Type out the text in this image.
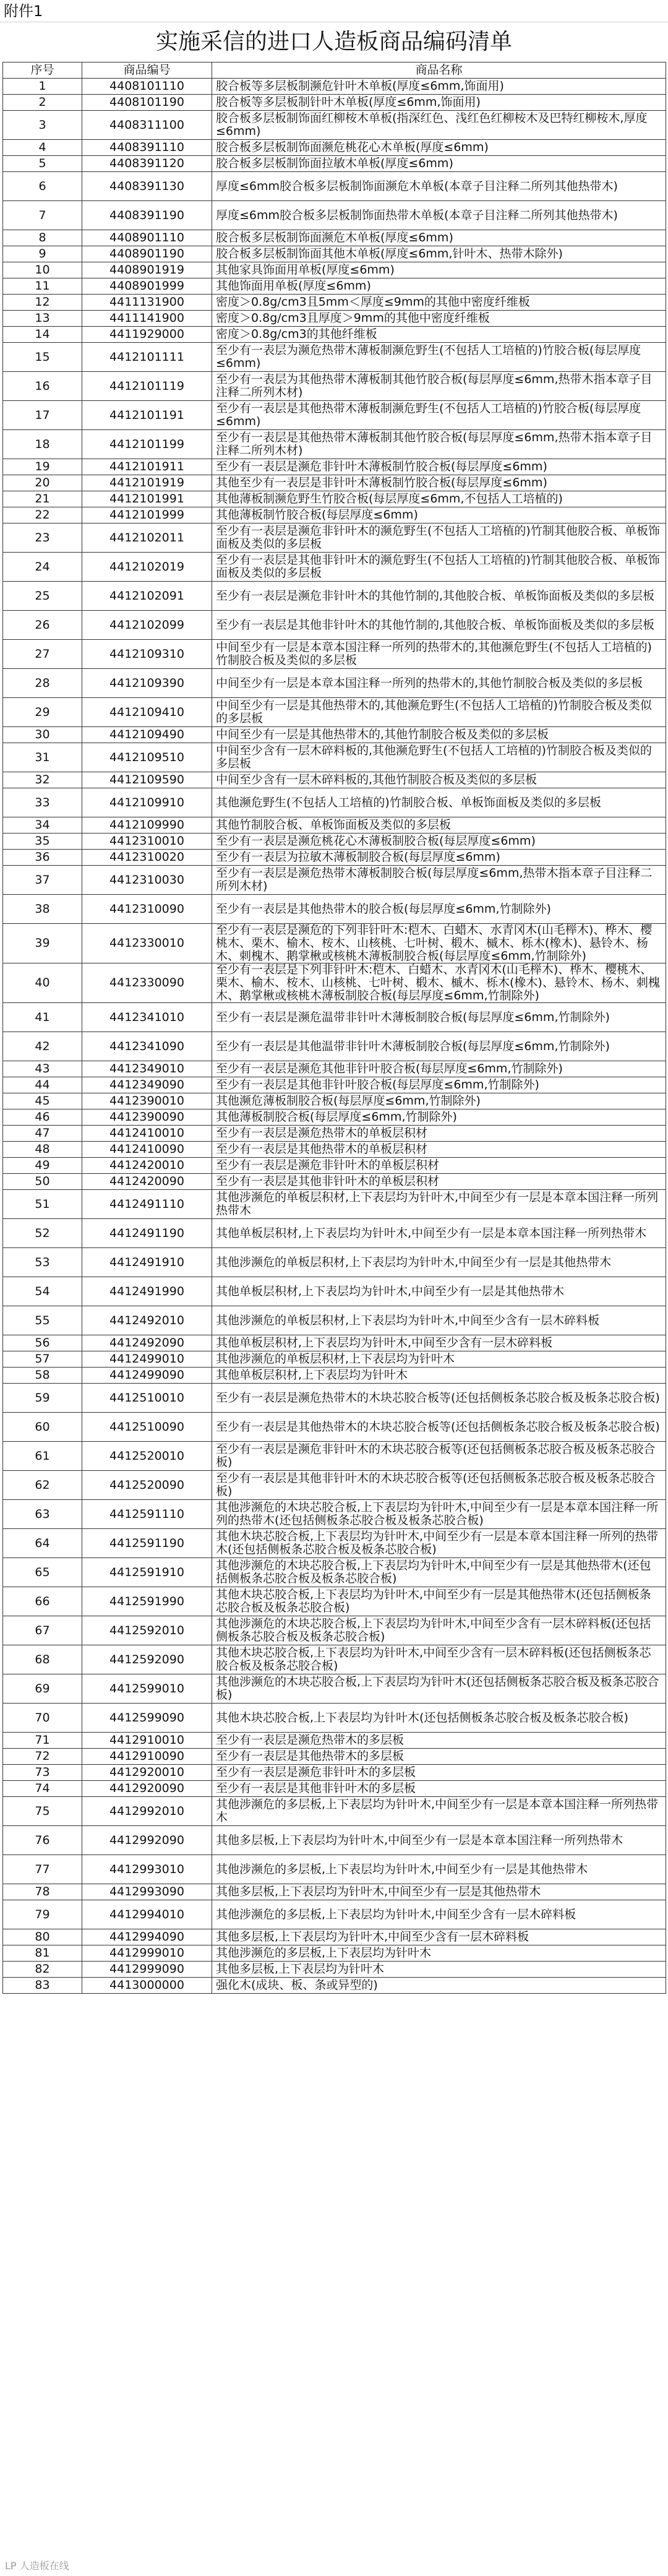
附件1
实施采信的进口人造板商品编码清单
序号	商品编号	商品名称
1	4408101110	胶合板等多层板制濒危针叶木单板(厚度≤6mm,饰面用)
2	4408101190	胶合板等多层板制针叶木单板(厚度≤6mm,饰面用)
3	4408311100	胶合板多层板制饰面红柳桉木单板(指深红色、浅红色红柳桉木及巴特红柳桉木,厚度≤6mm)
4	4408391110	胶合板多层板制饰面濒危桃花心木单板(厚度≤6mm)
5	4408391120	胶合板多层板制饰面拉敏木单板(厚度≤6mm)
6	4408391130	厚度≤6mm胶合板多层板制饰面濒危木单板(本章子目注释二所列其他热带木)
7	4408391190	厚度≤6mm胶合板多层板制饰面热带木单板(本章子目注释二所列其他热带木)
8	4408901110	胶合板多层板制饰面濒危木单板(厚度≤6mm)
9	4408901190	胶合板多层板制饰面其他木单板(厚度≤6mm,针叶木、热带木除外)
10	4408901919	其他家具饰面用单板(厚度≤6mm)
11	4408901999	其他饰面用单板(厚度≤6mm)
12	4411131900	密度＞0.8g/cm3且5mm＜厚度≤9mm的其他中密度纤维板
13	4411141900	密度＞0.8g/cm3且厚度＞9mm的其他中密度纤维板
14	4411929000	密度＞0.8g/cm3的其他纤维板
15	4412101111	至少有一表层为濒危热带木薄板制濒危野生(不包括人工培植的)竹胶合板(每层厚度≤6mm)
16	4412101119	至少有一表层为其他热带木薄板制其他竹胶合板(每层厚度≤6mm,热带木指本章子目注释二所列木材)
17	4412101191	至少有一表层是其他热带木薄板制濒危野生(不包括人工培植的)竹胶合板(每层厚度≤6mm)
18	4412101199	至少有一表层是其他热带木薄板制其他竹胶合板(每层厚度≤6mm,热带木指本章子目注释二所列木材)
19	4412101911	至少有一表层是濒危非针叶木薄板制竹胶合板(每层厚度≤6mm)
20	4412101919	其他至少有一表层是非针叶木薄板制竹胶合板(每层厚度≤6mm)
21	4412101991	其他薄板制濒危野生竹胶合板(每层厚度≤6mm,不包括人工培植的)
22	4412101999	其他薄板制竹胶合板(每层厚度≤6mm)
23	4412102011	至少有一表层是濒危非针叶木的濒危野生(不包括人工培植的)竹制其他胶合板、单板饰面板及类似的多层板
24	4412102019	至少有一表层是其他非针叶木的濒危野生(不包括人工培植的)竹制其他胶合板、单板饰面板及类似的多层板
25	4412102091	至少有一表层是濒危非针叶木的其他竹制的,其他胶合板、单板饰面板及类似的多层板
26	4412102099	至少有一表层是其他非针叶木的其他竹制的,其他胶合板、单板饰面板及类似的多层板
27	4412109310	中间至少有一层是本章本国注释一所列的热带木的,其他濒危野生(不包括人工培植的)竹制胶合板及类似的多层板
28	4412109390	中间至少有一层是本章本国注释一所列的热带木的,其他竹制胶合板及类似的多层板
29	4412109410	中间至少有一层是其他热带木的,其他濒危野生(不包括人工培植的)竹制胶合板及类似的多层板
30	4412109490	中间至少有一层是其他热带木的,其他竹制胶合板及类似的多层板
31	4412109510	中间至少含有一层木碎料板的,其他濒危野生(不包括人工培植的)竹制胶合板及类似的多层板
32	4412109590	中间至少含有一层木碎料板的,其他竹制胶合板及类似的多层板
33	4412109910	其他濒危野生(不包括人工培植的)竹制胶合板、单板饰面板及类似的多层板
34	4412109990	其他竹制胶合板、单板饰面板及类似的多层板
35	4412310010	至少有一表层是濒危桃花心木薄板制胶合板(每层厚度≤6mm)
36	4412310020	至少有一表层为拉敏木薄板制胶合板(每层厚度≤6mm)
37	4412310030	至少有一表层是濒危热带木薄板制胶合板(每层厚度≤6mm,热带木指本章子目注释二所列木材)
38	4412310090	至少有一表层是其他热带木的胶合板(每层厚度≤6mm,竹制除外)
39	4412330010	至少有一表层是濒危的下列非针叶木:桤木、白蜡木、水青冈木(山毛榉木)、桦木、樱桃木、栗木、榆木、桉木、山核桃、七叶树、椴木、槭木、栎木(橡木)、悬铃木、杨木、刺槐木、鹅掌楸或核桃木薄板制胶合板(每层厚度≤6mm,竹制除外)
40	4412330090	至少有一表层是下列非针叶木:桤木、白蜡木、水青冈木(山毛榉木)、桦木、樱桃木、栗木、榆木、桉木、山核桃、七叶树、椴木、槭木、栎木(橡木)、悬铃木、杨木、刺槐木、鹅掌楸或核桃木薄板制胶合板(每层厚度≤6mm,竹制除外)
41	4412341010	至少有一表层是濒危温带非针叶木薄板制胶合板(每层厚度≤6mm,竹制除外)
42	4412341090	至少有一表层是其他温带非针叶木薄板制胶合板(每层厚度≤6mm,竹制除外)
43	4412349010	至少有一表层是濒危其他非针叶胶合板(每层厚度≤6mm,竹制除外)
44	4412349090	至少有一表层是其他非针叶胶合板(每层厚度≤6mm,竹制除外)
45	4412390010	其他濒危薄板制胶合板(每层厚度≤6mm,竹制除外)
46	4412390090	其他薄板制胶合板(每层厚度≤6mm,竹制除外)
47	4412410010	至少有一表层是濒危热带木的单板层积材
48	4412410090	至少有一表层是其他热带木的单板层积材
49	4412420010	至少有一表层是濒危非针叶木的单板层积材
50	4412420090	至少有一表层是其他非针叶木的单板层积材
51	4412491110	其他涉濒危的单板层积材,上下表层均为针叶木,中间至少有一层是本章本国注释一所列热带木
52	4412491190	其他单板层积材,上下表层均为针叶木,中间至少有一层是本章本国注释一所列热带木
53	4412491910	其他涉濒危的单板层积材,上下表层均为针叶木,中间至少有一层是其他热带木
54	4412491990	其他单板层积材,上下表层均为针叶木,中间至少有一层是其他热带木
55	4412492010	其他涉濒危的单板层积材,上下表层均为针叶木,中间至少含有一层木碎料板
56	4412492090	其他单板层积材,上下表层均为针叶木,中间至少含有一层木碎料板
57	4412499010	其他涉濒危的单板层积材,上下表层均为针叶木
58	4412499090	其他单板层积材,上下表层均为针叶木
59	4412510010	至少有一表层是濒危热带木的木块芯胶合板等(还包括侧板条芯胶合板及板条芯胶合板)
60	4412510090	至少有一表层是其他热带木的木块芯胶合板等(还包括侧板条芯胶合板及板条芯胶合板)
61	4412520010	至少有一表层是濒危非针叶木的木块芯胶合板等(还包括侧板条芯胶合板及板条芯胶合板)
62	4412520090	至少有一表层是其他非针叶木的木块芯胶合板等(还包括侧板条芯胶合板及板条芯胶合板)
63	4412591110	其他涉濒危的木块芯胶合板,上下表层均为针叶木,中间至少有一层是本章本国注释一所列的热带木(还包括侧板条芯胶合板及板条芯胶合板)
64	4412591190	其他木块芯胶合板,上下表层均为针叶木,中间至少有一层是本章本国注释一所列的热带木(还包括侧板条芯胶合板及板条芯胶合板)
65	4412591910	其他涉濒危的木块芯胶合板,上下表层均为针叶木,中间至少有一层是其他热带木(还包括侧板条芯胶合板及板条芯胶合板)
66	4412591990	其他木块芯胶合板,上下表层均为针叶木,中间至少有一层是其他热带木(还包括侧板条芯胶合板及板条芯胶合板)
67	4412592010	其他涉濒危的木块芯胶合板,上下表层均为针叶木,中间至少含有一层木碎料板(还包括侧板条芯胶合板及板条芯胶合板)
68	4412592090	其他木块芯胶合板,上下表层均为针叶木,中间至少含有一层木碎料板(还包括侧板条芯胶合板及板条芯胶合板)
69	4412599010	其他涉濒危的木块芯胶合板,上下表层均为针叶木(还包括侧板条芯胶合板及板条芯胶合板)
70	4412599090	其他木块芯胶合板,上下表层均为针叶木(还包括侧板条芯胶合板及板条芯胶合板)
71	4412910010	至少有一表层是濒危热带木的多层板
72	4412910090	至少有一表层是其他热带木的多层板
73	4412920010	至少有一表层是濒危非针叶木的多层板
74	4412920090	至少有一表层是其他非针叶木的多层板
75	4412992010	其他涉濒危的多层板,上下表层均为针叶木,中间至少有一层是本章本国注释一所列热带木
76	4412992090	其他多层板,上下表层均为针叶木,中间至少有一层是本章本国注释一所列热带木
77	4412993010	其他涉濒危的多层板,上下表层均为针叶木,中间至少有一层是其他热带木
78	4412993090	其他多层板,上下表层均为针叶木,中间至少有一层是其他热带木
79	4412994010	其他涉濒危的多层板,上下表层均为针叶木,中间至少含有一层木碎料板
80	4412994090	其他多层板,上下表层均为针叶木,中间至少含有一层木碎料板
81	4412999010	其他涉濒危的多层板,上下表层均为针叶木
82	4412999090	其他多层板,上下表层均为针叶木
83	4413000000	强化木(成块、板、条或异型的)
LP 人造板在线
